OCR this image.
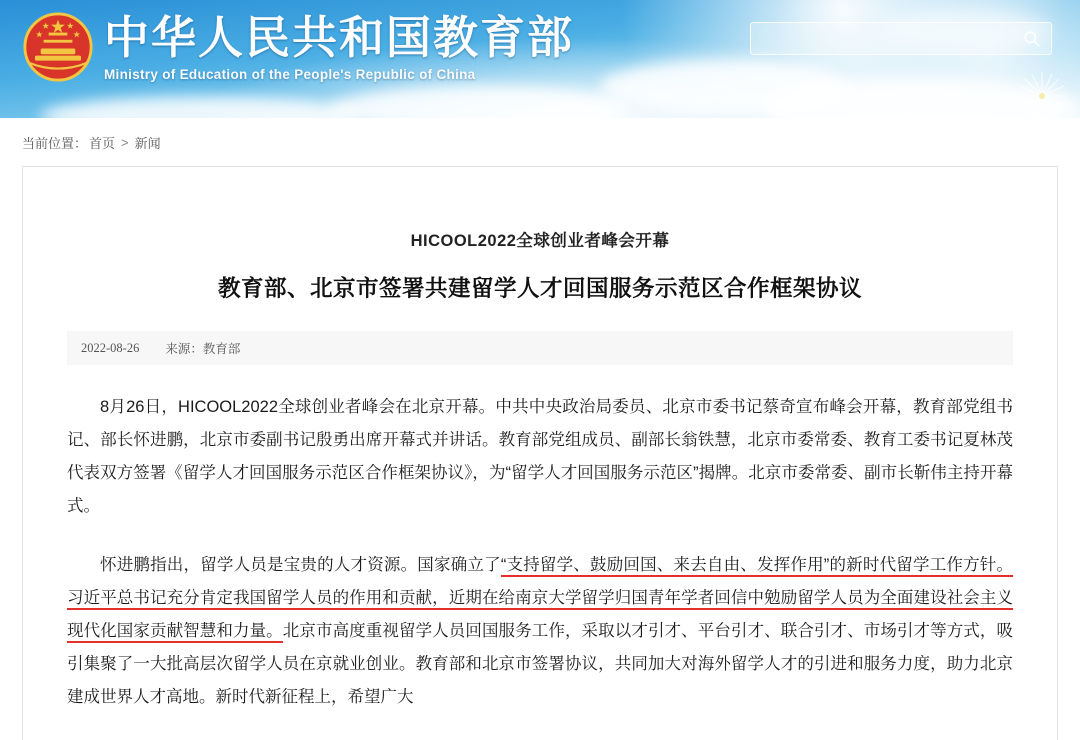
中华人民共和国教育部
Ministry of Education of the People's Republic of China
当前位置： 首页 > 新闻
HICOOL2022全球创业者峰会开幕
教育部、北京市签署共建留学人才回国服务示范区合作框架协议
2022-08-26 来源：教育部

8月26日，HICOOL2022全球创业者峰会在北京开幕。中共中央政治局委员、北京市委书记蔡奇宣布峰会开幕，教育部党组书记、部长怀进鹏，北京市委副书记殷勇出席开幕式并讲话。教育部党组成员、副部长翁铁慧，北京市委常委、教育工委书记夏林茂代表双方签署《留学人才回国服务示范区合作框架协议》，为“留学人才回国服务示范区”揭牌。北京市委常委、副市长靳伟主持开幕式。

怀进鹏指出，留学人员是宝贵的人才资源。国家确立了“支持留学、鼓励回国、来去自由、发挥作用”的新时代留学工作方针。习近平总书记充分肯定我国留学人员的作用和贡献，近期在给南京大学留学归国青年学者回信中勉励留学人员为全面建设社会主义现代化国家贡献智慧和力量。北京市高度重视留学人员回国服务工作，采取以才引才、平台引才、联合引才、市场引才等方式，吸引集聚了一大批高层次留学人员在京就业创业。教育部和北京市签署协议，共同加大对海外留学人才的引进和服务力度，助力北京建成世界人才高地。新时代新征程上，希望广大
